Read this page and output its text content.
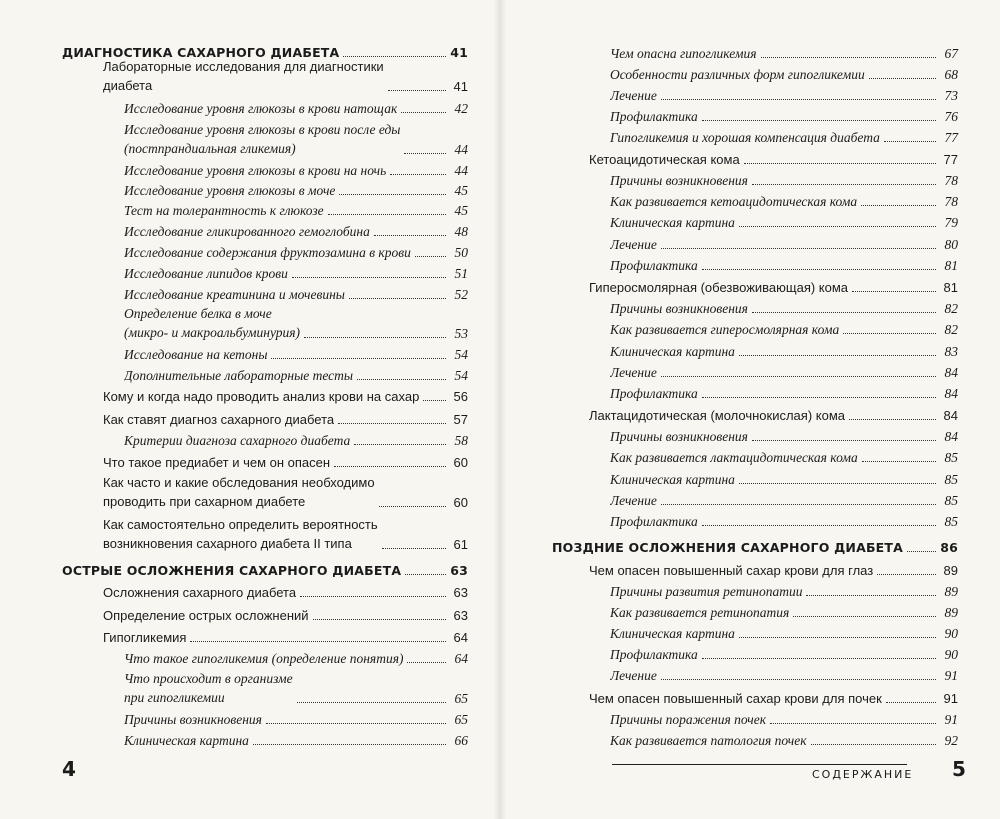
ДИАГНОСТИКА САХАРНОГО ДИАБЕТА	41
Лабораторные исследования для диагностики
диабета	41
Исследование уровня глюкозы в крови натощак	42
Исследование уровня глюкозы в крови после еды
(постпрандиальная гликемия)	44
Исследование уровня глюкозы в крови на ночь	44
Исследование уровня глюкозы в моче	45
Тест на толерантность к глюкозе	45
Исследование гликированного гемоглобина	48
Исследование содержания фруктозамина в крови	50
Исследование липидов крови	51
Исследование креатинина и мочевины	52
Определение белка в моче
(микро- и макроальбуминурия)	53
Исследование на кетоны	54
Дополнительные лабораторные тесты	54
Кому и когда надо проводить анализ крови на сахар	56
Как ставят диагноз сахарного диабета	57
Критерии диагноза сахарного диабета	58
Что такое предиабет и чем он опасен	60
Как часто и какие обследования необходимо
проводить при сахарном диабете	60
Как самостоятельно определить вероятность
возникновения сахарного диабета II типа	61
ОСТРЫЕ ОСЛОЖНЕНИЯ САХАРНОГО ДИАБЕТА	63
Осложнения сахарного диабета	63
Определение острых осложнений	63
Гипогликемия	64
Что такое гипогликемия (определение понятия)	64
Что происходит в организме
при гипогликемии	65
Причины возникновения	65
Клиническая картина	66
4
Чем опасна гипогликемия	67
Особенности различных форм гипогликемии	68
Лечение	73
Профилактика	76
Гипогликемия и хорошая компенсация диабета	77
Кетоацидотическая кома	77
Причины возникновения	78
Как развивается кетоацидотическая кома	78
Клиническая картина	79
Лечение	80
Профилактика	81
Гиперосмолярная (обезвоживающая) кома	81
Причины возникновения	82
Как развивается гиперосмолярная кома	82
Клиническая картина	83
Лечение	84
Профилактика	84
Лактацидотическая (молочнокислая) кома	84
Причины возникновения	84
Как развивается лактацидотическая кома	85
Клиническая картина	85
Лечение	85
Профилактика	85
ПОЗДНИЕ ОСЛОЖНЕНИЯ САХАРНОГО ДИАБЕТА	86
Чем опасен повышенный сахар крови для глаз	89
Причины развития ретинопатии	89
Как развивается ретинопатия	89
Клиническая картина	90
Профилактика	90
Лечение	91
Чем опасен повышенный сахар крови для почек	91
Причины поражения почек	91
Как развивается патология почек	92
5
СОДЕРЖАНИЕ
